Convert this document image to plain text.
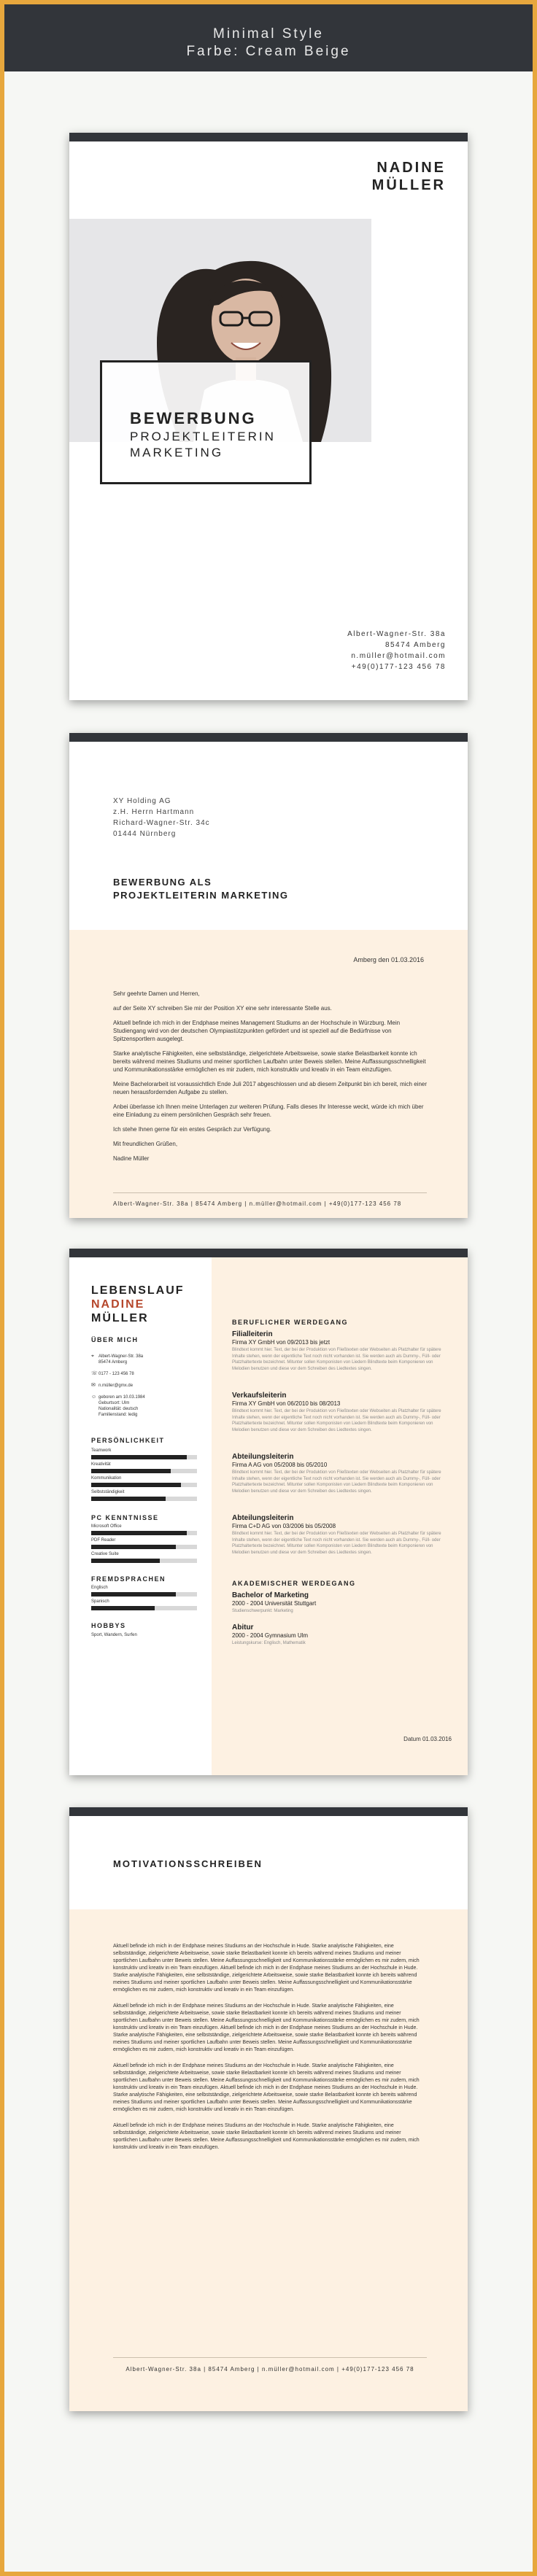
Minimal Style
Farbe: Cream Beige
NADINE
MÜLLER
BEWERBUNG
PROJEKTLEITERIN
MARKETING
Albert-Wagner-Str. 38a
85474 Amberg
n.müller@hotmail.com
+49(0)177-123 456 78
XY Holding AG
z.H. Herrn Hartmann
Richard-Wagner-Str. 34c
01444 Nürnberg
BEWERBUNG ALS
PROJEKTLEITERIN MARKETING
Amberg den 01.03.2016

Sehr geehrte Damen und Herren,

auf der Seite XY schreiben Sie mir der Position XY eine sehr interessante Stelle aus.

Aktuell befinde ich mich in der Endphase meines Management Studiums an der Hochschule in Würzburg. Mein Studiengang wird von der deutschen Olympiastützpunkten gefördert und ist speziell auf die Bedürfnisse von Spitzensportlern ausgelegt.

Starke analytische Fähigkeiten, eine selbstständige, zielgerichtete Arbeitsweise, sowie starke Belastbarkeit konnte ich bereits während meines Studiums und meiner sportlichen Laufbahn unter Beweis stellen. Meine Auffassungsschnelligkeit und Kommunikationsstärke ermöglichen es mir zudem, mich konstruktiv und kreativ in ein Team einzufügen.

Meine Bachelorarbeit ist voraussichtlich Ende Juli 2017 abgeschlossen und ab diesem Zeitpunkt bin ich bereit, mich einer neuen herausfordernden Aufgabe zu stellen.

Anbei überlasse ich Ihnen meine Unterlagen zur weiteren Prüfung. Falls dieses Ihr Interesse weckt, würde ich mich über eine Einladung zu einem persönlichen Gespräch sehr freuen.

Ich stehe Ihnen gerne für ein erstes Gespräch zur Verfügung.

Mit freundlichen Grüßen,

Nadine Müller

Albert-Wagner-Str. 38a | 85474 Amberg | n.müller@hotmail.com | +49(0)177-123 456 78
LEBENSLAUF
NADINE
MÜLLER
ÜBER MICH
⌖ Albert-Wagner-Str. 38a
85474 Amberg
☏0177 - 123 456 78
✉ n.müller@gmx.de
☺ geboren am 10.03.1984
Geburtsort: Ulm
Nationalität: deutsch
Familienstand: ledig
PERSÖNLICHKEIT
Teamwork
Kreativität
Kommunikation
Selbstständigkeit
PC KENNTNISSE
Microsoft Office
PDF Reader
Creative Suite
FREMDSPRACHEN
Englisch
Spanisch
HOBBYS
Sport, Wandern, Surfen
BERUFLICHER WERDEGANG
Filialleiterin
Firma XY GmbH von 09/2013 bis jetzt
Blindtext kommt hier. Text, der bei der Produktion von Fließtexten oder Webseiten als Platzhalter für spätere Inhalte stehen, wenn der eigentliche Text noch nicht vorhanden ist. Sie werden auch als Dummy-, Füll- oder Platzhaltertexte bezeichnet. Mitunter sollen Komponisten von Liedern Blindtexte beim Komponieren von Melodien benutzen und diese vor dem Schreiben des Liedtextes singen.
Verkaufsleiterin
Firma XY GmbH von 06/2010 bis 08/2013
Blindtext kommt hier. Text, der bei der Produktion von Fließtexten oder Webseiten als Platzhalter für spätere Inhalte stehen, wenn der eigentliche Text noch nicht vorhanden ist. Sie werden auch als Dummy-, Füll- oder Platzhaltertexte bezeichnet. Mitunter sollen Komponisten von Liedern Blindtexte beim Komponieren von Melodien benutzen und diese vor dem Schreiben des Liedtextes singen.
Abteilungsleiterin
Firma A AG von 05/2008 bis 05/2010
Blindtext kommt hier. Text, der bei der Produktion von Fließtexten oder Webseiten als Platzhalter für spätere Inhalte stehen, wenn der eigentliche Text noch nicht vorhanden ist. Sie werden auch als Dummy-, Füll- oder Platzhaltertexte bezeichnet. Mitunter sollen Komponisten von Liedern Blindtexte beim Komponieren von Melodien benutzen und diese vor dem Schreiben des Liedtextes singen.
Abteilungsleiterin
Firma C+D AG von 03/2006 bis 05/2008
Blindtext kommt hier. Text, der bei der Produktion von Fließtexten oder Webseiten als Platzhalter für spätere Inhalte stehen, wenn der eigentliche Text noch nicht vorhanden ist. Sie werden auch als Dummy-, Füll- oder Platzhaltertexte bezeichnet. Mitunter sollen Komponisten von Liedern Blindtexte beim Komponieren von Melodien benutzen und diese vor dem Schreiben des Liedtextes singen.
AKADEMISCHER WERDEGANG
Bachelor of Marketing
2000 - 2004 Universität Stuttgart
Studienschwerpunkt: Marketing
Abitur
2000 - 2004 Gymnasium Ulm
Leistungskurse: Englisch, Mathematik
Datum 01.03.2016
MOTIVATIONSSCHREIBEN

Aktuell befinde ich mich in der Endphase meines Studiums an der Hochschule in Hude. Starke analytische Fähigkeiten, eine selbstständige, zielgerichtete Arbeitsweise, sowie starke Belastbarkeit konnte ich bereits während meines Studiums und meiner sportlichen Laufbahn unter Beweis stellen. Meine Auffassungsschnelligkeit und Kommunikationsstärke ermöglichen es mir zudem, mich konstruktiv und kreativ in ein Team einzufügen. Aktuell befinde ich mich in der Endphase meines Studiums an der Hochschule in Hude. Starke analytische Fähigkeiten, eine selbstständige, zielgerichtete Arbeitsweise, sowie starke Belastbarkeit konnte ich bereits während meines Studiums und meiner sportlichen Laufbahn unter Beweis stellen. Meine Auffassungsschnelligkeit und Kommunikationsstärke ermöglichen es mir zudem, mich konstruktiv und kreativ in ein Team einzufügen.

Aktuell befinde ich mich in der Endphase meines Studiums an der Hochschule in Hude. Starke analytische Fähigkeiten, eine selbstständige, zielgerichtete Arbeitsweise, sowie starke Belastbarkeit konnte ich bereits während meines Studiums und meiner sportlichen Laufbahn unter Beweis stellen. Meine Auffassungsschnelligkeit und Kommunikationsstärke ermöglichen es mir zudem, mich konstruktiv und kreativ in ein Team einzufügen. Aktuell befinde ich mich in der Endphase meines Studiums an der Hochschule in Hude. Starke analytische Fähigkeiten, eine selbstständige, zielgerichtete Arbeitsweise, sowie starke Belastbarkeit konnte ich bereits während meines Studiums und meiner sportlichen Laufbahn unter Beweis stellen. Meine Auffassungsschnelligkeit und Kommunikationsstärke ermöglichen es mir zudem, mich konstruktiv und kreativ in ein Team einzufügen.

Aktuell befinde ich mich in der Endphase meines Studiums an der Hochschule in Hude. Starke analytische Fähigkeiten, eine selbstständige, zielgerichtete Arbeitsweise, sowie starke Belastbarkeit konnte ich bereits während meines Studiums und meiner sportlichen Laufbahn unter Beweis stellen. Meine Auffassungsschnelligkeit und Kommunikationsstärke ermöglichen es mir zudem, mich konstruktiv und kreativ in ein Team einzufügen. Aktuell befinde ich mich in der Endphase meines Studiums an der Hochschule in Hude. Starke analytische Fähigkeiten, eine selbstständige, zielgerichtete Arbeitsweise, sowie starke Belastbarkeit konnte ich bereits während meines Studiums und meiner sportlichen Laufbahn unter Beweis stellen. Meine Auffassungsschnelligkeit und Kommunikationsstärke ermöglichen es mir zudem, mich konstruktiv und kreativ in ein Team einzufügen.

Aktuell befinde ich mich in der Endphase meines Studiums an der Hochschule in Hude. Starke analytische Fähigkeiten, eine selbstständige, zielgerichtete Arbeitsweise, sowie starke Belastbarkeit konnte ich bereits während meines Studiums und meiner sportlichen Laufbahn unter Beweis stellen. Meine Auffassungsschnelligkeit und Kommunikationsstärke ermöglichen es mir zudem, mich konstruktiv und kreativ in ein Team einzufügen.

Albert-Wagner-Str. 38a | 85474 Amberg | n.müller@hotmail.com | +49(0)177-123 456 78
